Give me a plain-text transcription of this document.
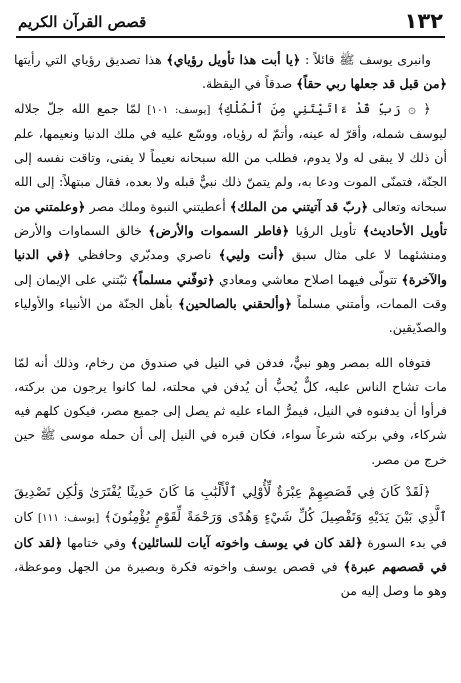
١٣٢
قصص القرآن الكريم

وانبرى يوسف ﷺ قائلاً : ﴿يا أبت هذا تأويل رؤياي﴾ هذا تصديق رؤياي التي رأيتها ﴿من قبل قد جعلها ربي حقاً﴾ صدقاً في اليقظة.

﴿ ۞ رَبِّ قَدْ ءَاتَيْتَنِي مِنَ ٱلْمُلْكِ﴾ [يوسف: ١٠١] لمّا جمع الله جلّ جلاله ليوسف شمله، وأقرّ له عينه، وأتمّ له رؤياه، ووسّع عليه في ملك الدنيا ونعيمها، علم أن ذلك لا يبقى له ولا يدوم، فطلب من الله سبحانه نعيماً لا يفنى، وتاقت نفسه إلى الجنّة، فتمنّى الموت ودعا به، ولم يتمنّ ذلك نبيٌّ قبله ولا بعده، فقال مبتهلاً: إلى الله سبحانه وتعالى ﴿ربّ قد آتيتني من الملك﴾ أعطيتني النبوة وملك مصر ﴿وعلمتني من تأويل الأحاديث﴾ تأويل الرؤيا ﴿فاطر السموات والأرض﴾ خالق السماوات والأرض ومنشئهما لا على مثال سبق ﴿أنت وليي﴾ ناصري ومدبّري وحافظي ﴿في الدنيا والآخرة﴾ تتولّى فيهما اصلاح معاشي ومعادي ﴿توفّني مسلماً﴾ ثبّتني على الإيمان إلى وقت الممات، وأمتني مسلماً ﴿وألحقني بالصالحين﴾ بأهل الجنّة من الأنبياء والأولياء والصدّيقين.

فتوفاه الله بمصر وهو نبيٌّ، فدفن في النيل في صندوق من رخام، وذلك أنه لمّا مات تشاح الناس عليه، كلٌّ يُحبُّ أن يُدفن في محلته، لما كانوا يرجون من بركته، فرأوا أن يدفنوه في النيل، فيمرُّ الماء عليه ثم يصل إلى جميع مصر، فيكون كلهم فيه شركاء، وفي بركته شرعاً سواء، فكان قبره في النيل إلى أن حمله موسى ﷺ حين خرج من مصر.

﴿لَقَدْ كَانَ فِي قَصَصِهِمْ عِبْرَةٌ لِّأُوْلِي ٱلْأَلْبَٰبِ مَا كَانَ حَدِيثًا يُفْتَرَىٰ وَلَٰكِن تَصْدِيقَ ٱلَّذِي بَيْنَ يَدَيْهِ وَتَفْصِيلَ كُلِّ شَيْءٍ وَهُدًى وَرَحْمَةً لِّقَوْمٍ يُؤْمِنُونَ﴾ [يوسف: ١١١] كان في بدء السورة ﴿لقد كان في يوسف واخوته آيات للسائلين﴾ وفي ختامها ﴿لقد كان في قصصهم عبرة﴾ في قصص يوسف واخوته فكرة وبصيرة من الجهل وموعظة، وهو ما وصل إليه من
